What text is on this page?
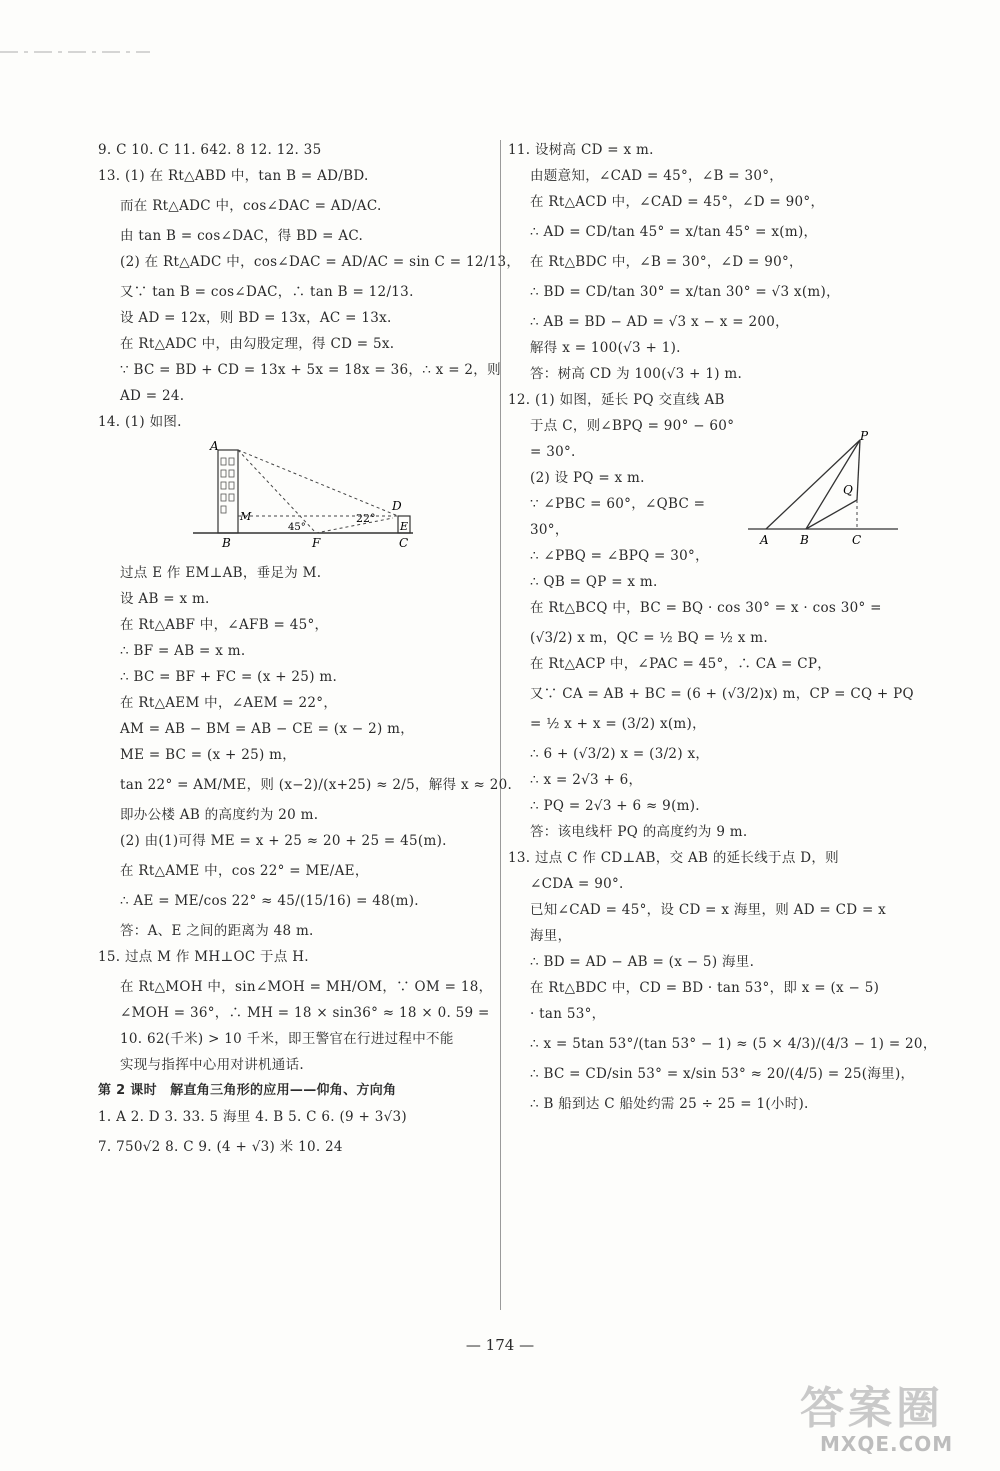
9. C 10. C 11. 642. 8 12. 12. 35
13. (1) 在 Rt△ABD 中，tan B = AD/BD.
而在 Rt△ADC 中，cos∠DAC = AD/AC.
由 tan B = cos∠DAC，得 BD = AC.
(2) 在 Rt△ADC 中，cos∠DAC = AD/AC = sin C = 12/13，
又∵ tan B = cos∠DAC，∴ tan B = 12/13.
设 AD = 12x，则 BD = 13x，AC = 13x.
在 Rt△ADC 中，由勾股定理，得 CD = 5x.
∵ BC = BD + CD = 13x + 5x = 18x = 36，∴ x = 2，则
AD = 24.
14. (1) 如图.
A
B
M
F	C
D
E
22°
45°
过点 E 作 EM⊥AB，垂足为 M.
设 AB = x m.
在 Rt△ABF 中，∠AFB = 45°，
∴ BF = AB = x m.
∴ BC = BF + FC = (x + 25) m.
在 Rt△AEM 中，∠AEM = 22°，
AM = AB − BM = AB − CE = (x − 2) m，
ME = BC = (x + 25) m，
tan 22° = AM/ME，则 (x−2)/(x+25) ≈ 2/5，解得 x ≈ 20.
即办公楼 AB 的高度约为 20 m.
(2) 由(1)可得 ME = x + 25 ≈ 20 + 25 = 45(m).
在 Rt△AME 中，cos 22° = ME/AE，
∴ AE = ME/cos 22° ≈ 45/(15/16) = 48(m).
答：A、E 之间的距离为 48 m.
15. 过点 M 作 MH⊥OC 于点 H.
在 Rt△MOH 中，sin∠MOH = MH/OM，∵ OM = 18，
∠MOH = 36°，∴ MH = 18 × sin36° ≈ 18 × 0. 59 =
10. 62(千米) > 10 千米，即王警官在行进过程中不能
实现与指挥中心用对讲机通话.
第 2 课时　解直角三角形的应用——仰角、方向角
1. A 2. D 3. 33. 5 海里 4. B 5. C 6. (9 + 3√3)
7. 750√2 8. C 9. (4 + √3) 米 10. 24
11. 设树高 CD = x m.
由题意知，∠CAD = 45°，∠B = 30°，
在 Rt△ACD 中，∠CAD = 45°，∠D = 90°，
∴ AD = CD/tan 45° = x/tan 45° = x(m)，
在 Rt△BDC 中，∠B = 30°，∠D = 90°，
∴ BD = CD/tan 30° = x/tan 30° = √3 x(m)，
∴ AB = BD − AD = √3 x − x = 200，
解得 x = 100(√3 + 1).
答：树高 CD 为 100(√3 + 1) m.
12. (1) 如图，延长 PQ 交直线 AB
于点 C，则∠BPQ = 90° − 60°
= 30°.
(2) 设 PQ = x m.
∵ ∠PBC = 60°，∠QBC =
30°，
∴ ∠PBQ = ∠BPQ = 30°，
∴ QB = QP = x m.
在 Rt△BCQ 中，BC = BQ · cos 30° = x · cos 30° =
(√3/2) x m，QC = ½ BQ = ½ x m.
在 Rt△ACP 中，∠PAC = 45°，∴ CA = CP，
又∵ CA = AB + BC = (6 + (√3/2)x) m，CP = CQ + PQ
= ½ x + x = (3/2) x(m)，
∴ 6 + (√3/2) x = (3/2) x，
∴ x = 2√3 + 6，
∴ PQ = 2√3 + 6 ≈ 9(m).
答：该电线杆 PQ 的高度约为 9 m.
13. 过点 C 作 CD⊥AB，交 AB 的延长线于点 D，则
∠CDA = 90°.
已知∠CAD = 45°，设 CD = x 海里，则 AD = CD = x
海里，
∴ BD = AD − AB = (x − 5) 海里.
在 Rt△BDC 中，CD = BD · tan 53°，即 x = (x − 5)
· tan 53°，
∴ x = 5tan 53°/(tan 53° − 1) ≈ (5 × 4/3)/(4/3 − 1) = 20，
∴ BC = CD/sin 53° = x/sin 53° ≈ 20/(4/5) = 25(海里)，
∴ B 船到达 C 船处约需 25 ÷ 25 = 1(小时).
P
Q
A	B	C
— 174 —
答案圈
MXQE.COM
